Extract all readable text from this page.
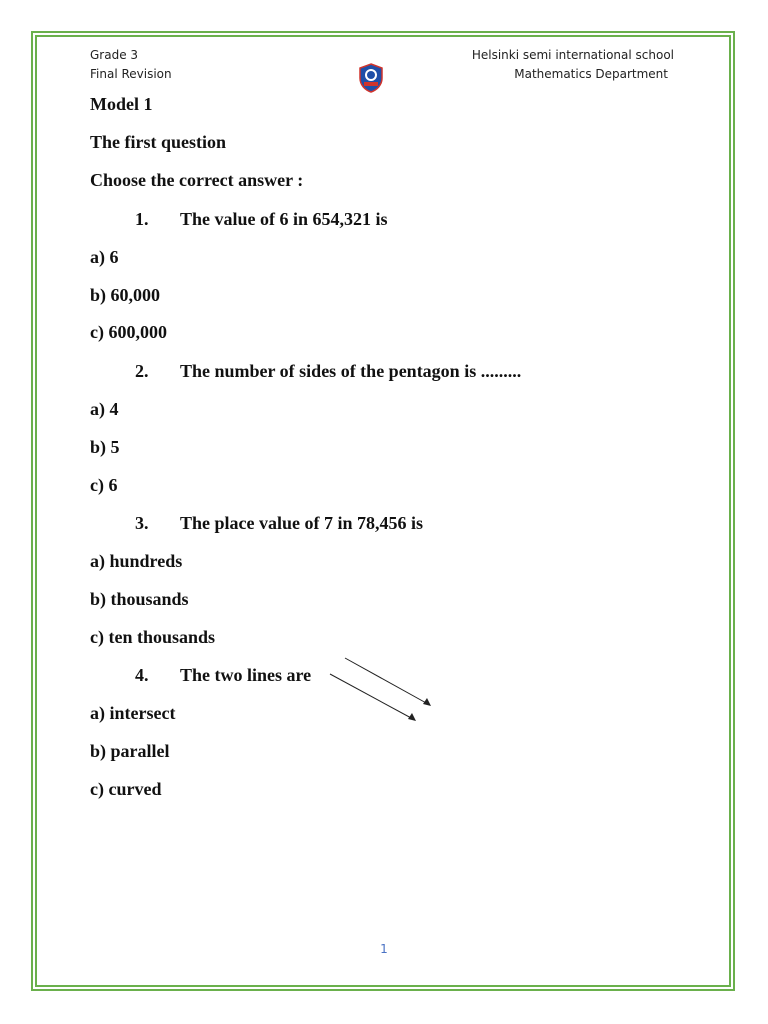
Grade 3
Final Revision
Helsinki semi international school
Mathematics Department
Model 1
The first question
Choose the correct answer :
1. The value of 6 in 654,321 is
a) 6
b) 60,000
c) 600,000
2. The number of sides of the pentagon is .........
a) 4
b) 5
c) 6
3. The place value of 7 in 78,456 is
a) hundreds
b) thousands
c) ten thousands
4. The two lines are
a) intersect
b) parallel
c) curved
1
